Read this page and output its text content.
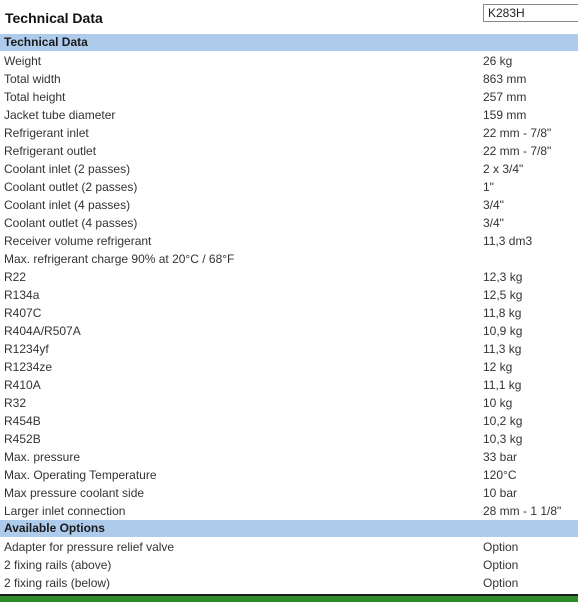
Technical Data	K283H
Technical Data
Weight	26 kg
Total width	863 mm
Total height	257 mm
Jacket tube diameter	159 mm
Refrigerant inlet	22 mm - 7/8"
Refrigerant outlet	22 mm - 7/8"
Coolant inlet (2 passes)	2 x 3/4"
Coolant outlet (2 passes)	1"
Coolant inlet (4 passes)	3/4"
Coolant outlet (4 passes)	3/4"
Receiver volume refrigerant	11,3 dm3
Max. refrigerant charge 90% at 20°C / 68°F
R22	12,3 kg
R134a	12,5 kg
R407C	11,8 kg
R404A/R507A	10,9 kg
R1234yf	11,3 kg
R1234ze	12 kg
R410A	11,1 kg
R32	10 kg
R454B	10,2 kg
R452B	10,3 kg
Max. pressure	33 bar
Max. Operating Temperature	120°C
Max pressure coolant side	10 bar
Larger inlet connection	28 mm - 1 1/8"
Available Options
Adapter for pressure relief valve	Option
2 fixing rails (above)	Option
2 fixing rails (below)	Option
